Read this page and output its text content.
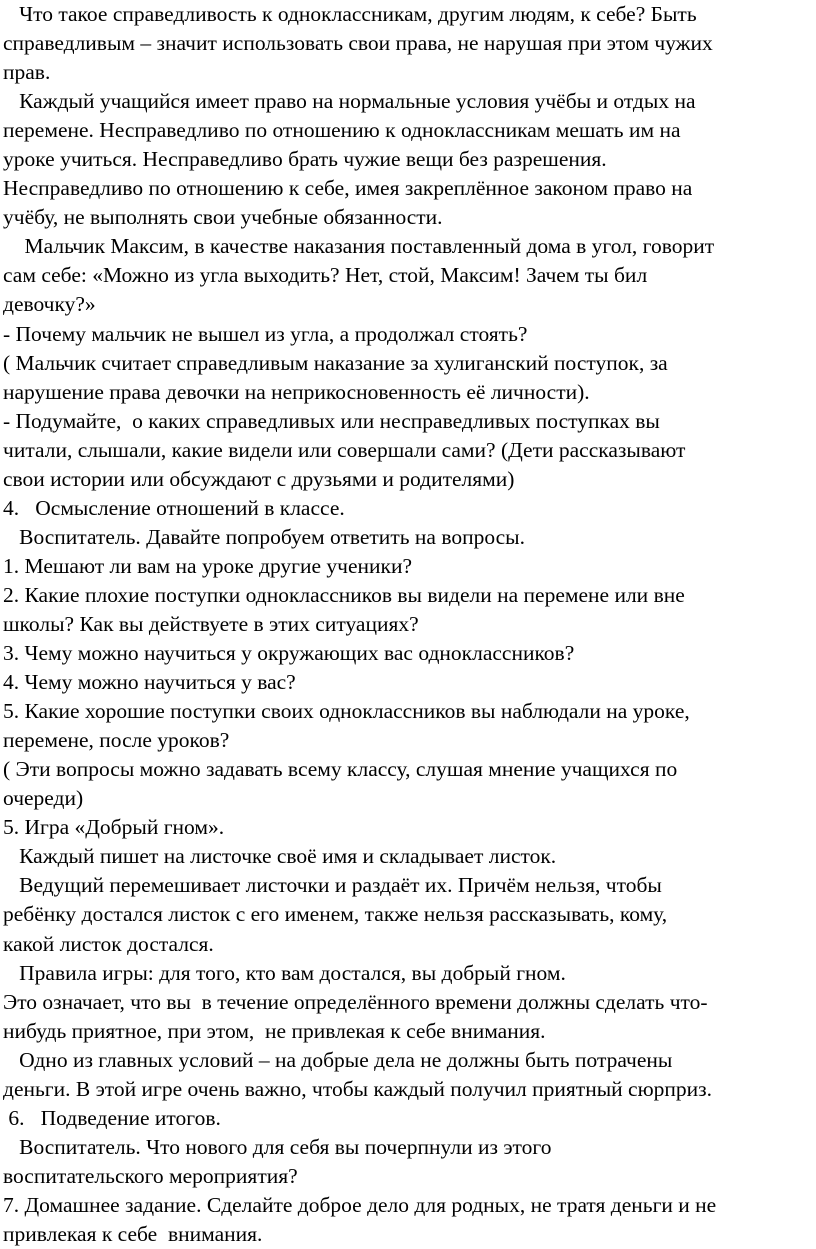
Что такое справедливость к одноклассникам, другим людям, к себе? Быть
справедливым – значит использовать свои права, не нарушая при этом чужих
прав.
Каждый учащийся имеет право на нормальные условия учёбы и отдых на
перемене. Несправедливо по отношению к одноклассникам мешать им на
уроке учиться. Несправедливо брать чужие вещи без разрешения.
Несправедливо по отношению к себе, имея закреплённое законом право на
учёбу, не выполнять свои учебные обязанности.
Мальчик Максим, в качестве наказания поставленный дома в угол, говорит
сам себе: «Можно из угла выходить? Нет, стой, Максим! Зачем ты бил
девочку?»
- Почему мальчик не вышел из угла, а продолжал стоять?
( Мальчик считает справедливым наказание за хулиганский поступок, за
нарушение права девочки на неприкосновенность её личности).
- Подумайте,  о каких справедливых или несправедливых поступках вы
читали, слышали, какие видели или совершали сами? (Дети рассказывают
свои истории или обсуждают с друзьями и родителями)
4.   Осмысление отношений в классе.
Воспитатель. Давайте попробуем ответить на вопросы.
1. Мешают ли вам на уроке другие ученики?
2. Какие плохие поступки одноклассников вы видели на перемене или вне
школы? Как вы действуете в этих ситуациях?
3. Чему можно научиться у окружающих вас одноклассников?
4. Чему можно научиться у вас?
5. Какие хорошие поступки своих одноклассников вы наблюдали на уроке,
перемене, после уроков?
( Эти вопросы можно задавать всему классу, слушая мнение учащихся по
очереди)
5. Игра «Добрый гном».
Каждый пишет на листочке своё имя и складывает листок.
Ведущий перемешивает листочки и раздаёт их. Причём нельзя, чтобы
ребёнку достался листок с его именем, также нельзя рассказывать, кому,
какой листок достался.
Правила игры: для того, кто вам достался, вы добрый гном.
Это означает, что вы  в течение определённого времени должны сделать что-
нибудь приятное, при этом,  не привлекая к себе внимания.
Одно из главных условий – на добрые дела не должны быть потрачены
деньги. В этой игре очень важно, чтобы каждый получил приятный сюрприз.
6.   Подведение итогов.
Воспитатель. Что нового для себя вы почерпнули из этого
воспитательского мероприятия?
7. Домашнее задание. Сделайте доброе дело для родных, не тратя деньги и не
привлекая к себе  внимания.
